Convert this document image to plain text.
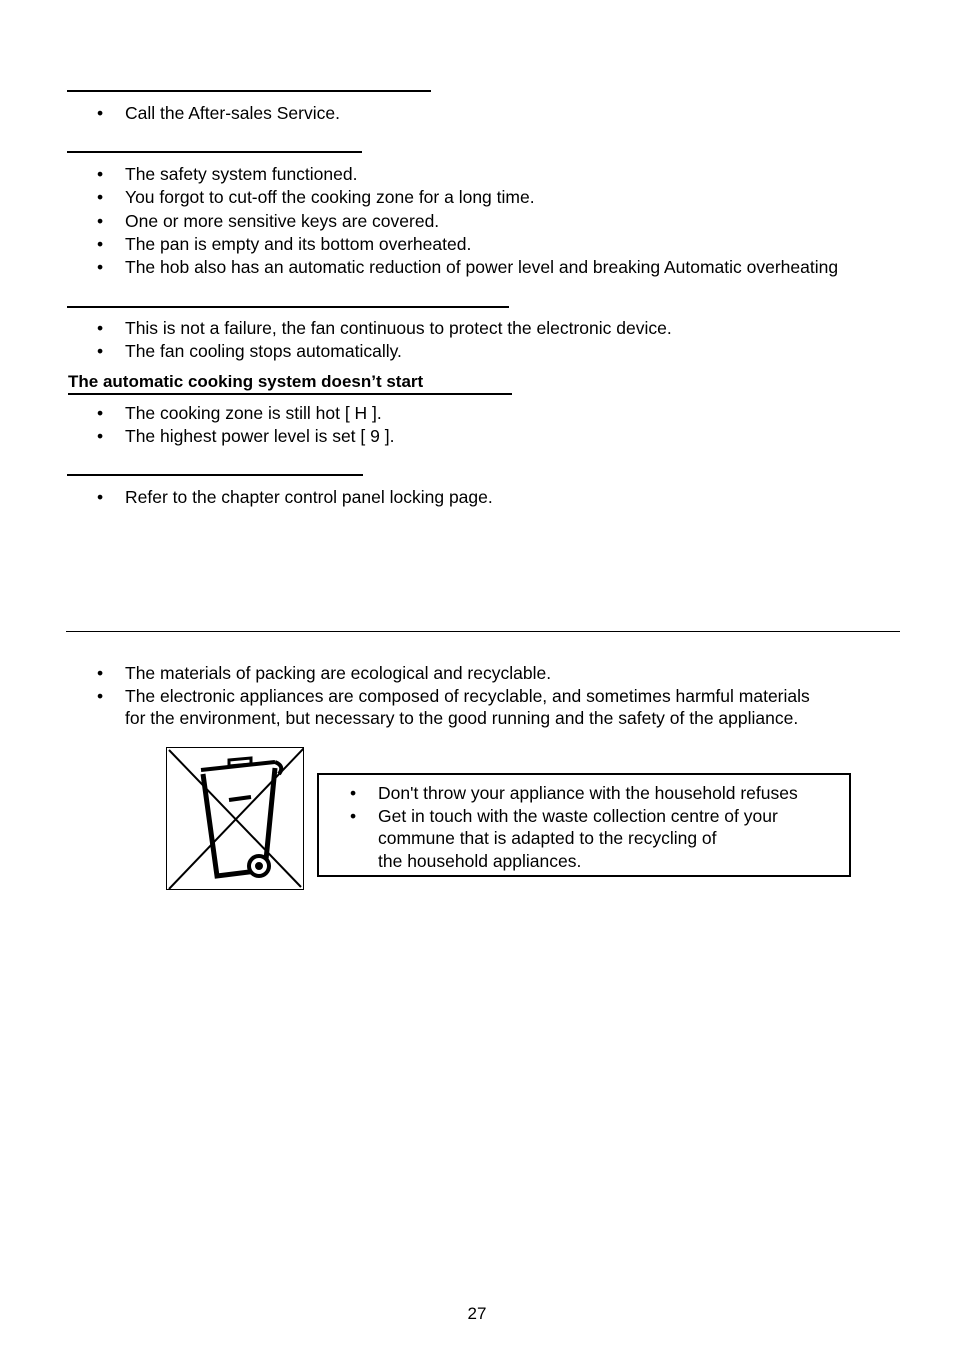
• Call the After-sales Service.
• The safety system functioned.
• You forgot to cut-off the cooking zone for a long time.
• One or more sensitive keys are covered.
• The pan is empty and its bottom overheated.
• The hob also has an automatic reduction of power level and breaking Automatic overheating
• This is not a failure, the fan continuous to protect the electronic device.
• The fan cooling stops automatically.
The automatic cooking system doesn’t start
• The cooking zone is still hot [ H ].
• The highest power level is set [ 9 ].
• Refer to the chapter control panel locking page.
• The materials of packing are ecological and recyclable.
• The electronic appliances are composed of recyclable, and sometimes harmful materials
for the environment, but necessary to the good running and the safety of the appliance.
• Don't throw your appliance with the household refuses
• Get in touch with the waste collection centre of your
commune that is adapted to the recycling of
the household appliances.
27
